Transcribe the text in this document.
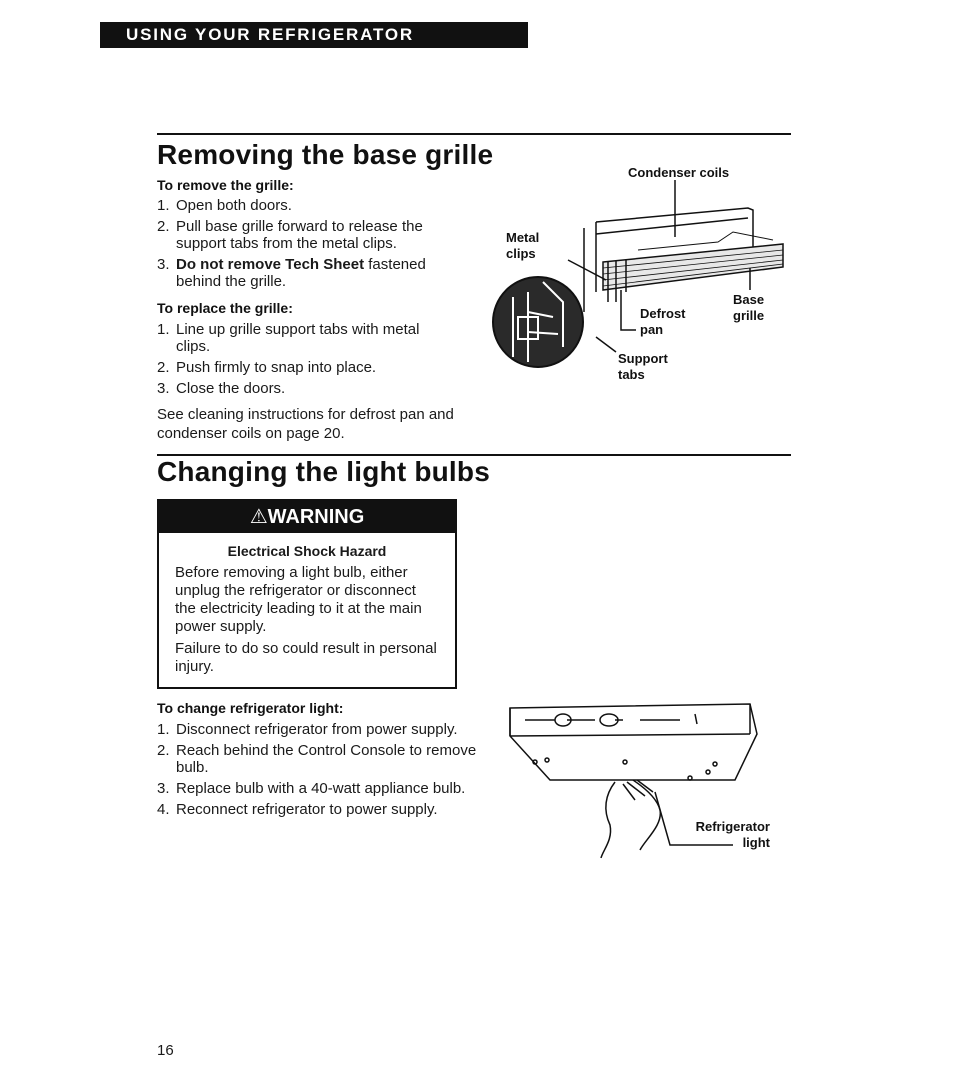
USING YOUR REFRIGERATOR
Removing the base grille
To remove the grille:
1. Open both doors.
2. Pull base grille forward to release the support tabs from the metal clips.
3. Do not remove Tech Sheet fastened behind the grille.
To replace the grille:
1. Line up grille support tabs with metal clips.
2. Push firmly to snap into place.
3. Close the doors.
See cleaning instructions for defrost pan and condenser coils on page 20.
Condenser coils
Metal clips
Defrost pan
Base grille
Support tabs
Changing the light bulbs
⚠WARNING
Electrical Shock Hazard
Before removing a light bulb, either unplug the refrigerator or disconnect the electricity leading to it at the main power supply.
Failure to do so could result in personal injury.
To change refrigerator light:
1. Disconnect refrigerator from power supply.
2. Reach behind the Control Console to remove bulb.
3. Replace bulb with a 40-watt appliance bulb.
4. Reconnect refrigerator to power supply.
Refrigerator light
16
